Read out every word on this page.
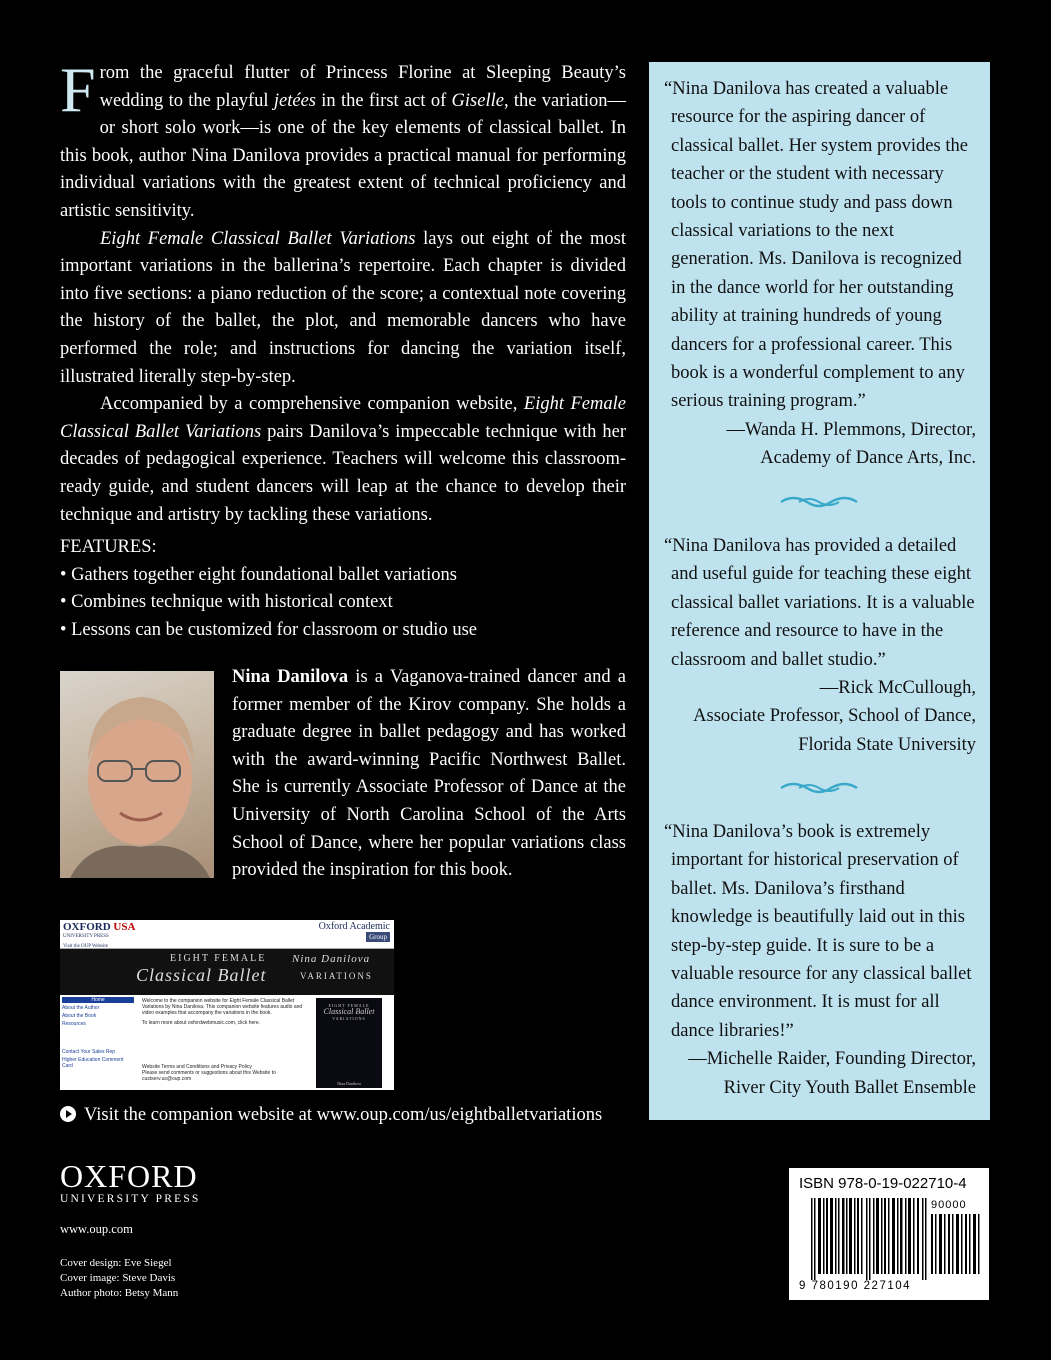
From the graceful flutter of Princess Florine at Sleeping Beauty’s wedding to the playful jetées in the first act of Giselle, the variation—or short solo work—is one of the key elements of classical ballet. In this book, author Nina Danilova provides a practical manual for performing individual variations with the greatest extent of technical proficiency and artistic sensitivity.

Eight Female Classical Ballet Variations lays out eight of the most important variations in the ballerina’s repertoire. Each chapter is divided into five sections: a piano reduction of the score; a contextual note covering the history of the ballet, the plot, and memorable dancers who have performed the role; and instructions for dancing the variation itself, illustrated literally step-by-step.

Accompanied by a comprehensive companion website, Eight Female Classical Ballet Variations pairs Danilova’s impeccable technique with her decades of pedagogical experience. Teachers will welcome this classroom-ready guide, and student dancers will leap at the chance to develop their technique and artistry by tackling these variations.

FEATURES:
• Gathers together eight foundational ballet variations
• Combines technique with historical context
• Lessons can be customized for classroom or studio use
Nina Danilova is a Vaganova-trained dancer and a former member of the Kirov company. She holds a graduate degree in ballet pedagogy and has worked with the award-winning Pacific Northwest Ballet. She is currently Associate Professor of Dance at the University of North Carolina School of the Arts School of Dance, where her popular variations class provided the inspiration for this book.
OXFORD USA
UNIVERSITY PRESS
Visit the OUP Website
Oxford Academic
Group
EIGHT FEMALE Nina Danilova
Classical Ballet	VARIATIONS
Home
About the Author
About the Book
Resources
Contact Your Sales Rep
Higher Education Comment Card
Welcome to the companion website for Eight Female Classical Ballet Variations by Nina Danilova. This companion website features audio and video examples that accompany the variations in the book.
To learn more about oxfordwebmusic.com, click here.
Website Terms and Conditions and Privacy Policy
Please send comments or suggestions about this Website to custserv.us@oup.com
EIGHT FEMALE
Classical Ballet
VARIATIONS
Nina Danilova
Visit the companion website at www.oup.com/us/eightballetvariations
OXFORD
UNIVERSITY PRESS
www.oup.com
Cover design: Eve Siegel
Cover image: Steve Davis
Author photo: Betsy Mann

“Nina Danilova has created a valuable resource for the aspiring dancer of classical ballet. Her system provides the teacher or the student with necessary tools to continue study and pass down classical variations to the next generation. Ms. Danilova is recognized in the dance world for her outstanding ability at training hundreds of young dancers for a professional career. This book is a wonderful complement to any serious training program.”

—Wanda H. Plemmons, Director,
Academy of Dance Arts, Inc.

“Nina Danilova has provided a detailed and useful guide for teaching these eight classical ballet variations. It is a valuable reference and resource to have in the classroom and ballet studio.”

—Rick McCullough,
Associate Professor, School of Dance,
Florida State University

“Nina Danilova’s book is extremely important for historical preservation of ballet. Ms. Danilova’s firsthand knowledge is beautifully laid out in this step-by-step guide. It is sure to be a valuable resource for any classical ballet dance environment. It is must for all dance libraries!”

—Michelle Raider, Founding Director,
River City Youth Ballet Ensemble
ISBN 978-0-19-022710-4
90000
9 780190 227104
